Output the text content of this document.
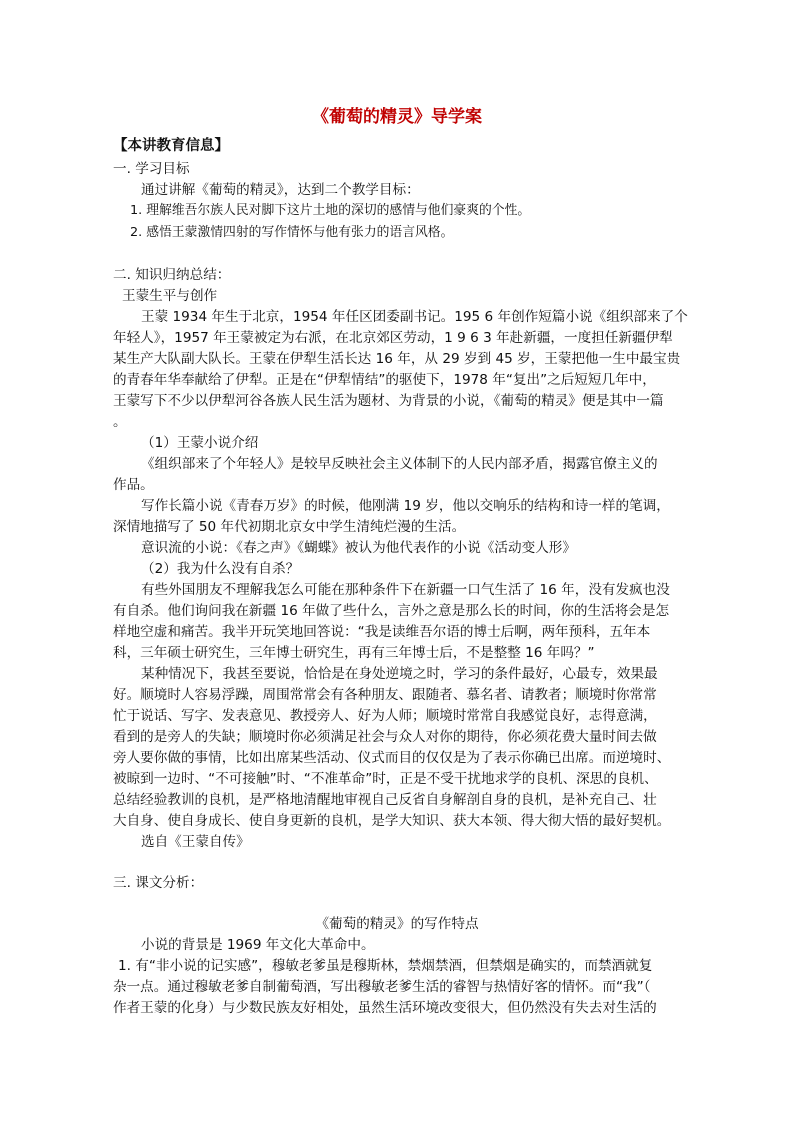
《葡萄的精灵》导学案
【本讲教育信息】
一. 学习目标
通过讲解《葡萄的精灵》，达到二个教学目标：
1. 理解维吾尔族人民对脚下这片土地的深切的感情与他们豪爽的个性。
2. 感悟王蒙激情四射的写作情怀与他有张力的语言风格。
二. 知识归纳总结：
王蒙生平与创作
王蒙 1934 年生于北京，1954 年任区团委副书记。195 6 年创作短篇小说《组织部来了个
年轻人》，1957 年王蒙被定为右派，在北京郊区劳动，1 9 6 3 年赴新疆，一度担任新疆伊犁
某生产大队副大队长。王蒙在伊犁生活长达 16 年，从 29 岁到 45 岁，王蒙把他一生中最宝贵
的青春年华奉献给了伊犁。正是在“伊犁情结”的驱使下，1978 年“复出”之后短短几年中，
王蒙写下不少以伊犁河谷各族人民生活为题材、为背景的小说，《葡萄的精灵》便是其中一篇
。
（1）王蒙小说介绍
《组织部来了个年轻人》是较早反映社会主义体制下的人民内部矛盾，揭露官僚主义的
作品。
写作长篇小说《青春万岁》的时候，他刚满 19 岁，他以交响乐的结构和诗一样的笔调，
深情地描写了 50 年代初期北京女中学生清纯烂漫的生活。
意识流的小说：《春之声》《蝴蝶》被认为他代表作的小说《活动变人形》
（2）我为什么没有自杀？
有些外国朋友不理解我怎么可能在那种条件下在新疆一口气生活了 16 年，没有发疯也没
有自杀。他们询问我在新疆 16 年做了些什么，言外之意是那么长的时间，你的生活将会是怎
样地空虚和痛苦。我半开玩笑地回答说：“我是读维吾尔语的博士后啊，两年预科，五年本
科，三年硕士研究生，三年博士研究生，再有三年博士后，不是整整 16 年吗？”
某种情况下，我甚至要说，恰恰是在身处逆境之时，学习的条件最好，心最专，效果最
好。顺境时人容易浮躁，周围常常会有各种朋友、跟随者、慕名者、请教者；顺境时你常常
忙于说话、写字、发表意见、教授旁人、好为人师；顺境时常常自我感觉良好，志得意满，
看到的是旁人的失缺；顺境时你必须满足社会与众人对你的期待，你必须花费大量时间去做
旁人要你做的事情，比如出席某些活动、仪式而目的仅仅是为了表示你确已出席。而逆境时、
被晾到一边时、“不可接触”时、“不准革命”时，正是不受干扰地求学的良机、深思的良机、
总结经验教训的良机，是严格地清醒地审视自己反省自身解剖自身的良机，是补充自己、壮
大自身、使自身成长、使自身更新的良机，是学大知识、获大本领、得大彻大悟的最好契机。
选自《王蒙自传》
三. 课文分析：
《葡萄的精灵》的写作特点
小说的背景是 1969 年文化大革命中。
1. 有“非小说的记实感”，穆敏老爹虽是穆斯林，禁烟禁酒，但禁烟是确实的，而禁酒就复
杂一点。通过穆敏老爹自制葡萄酒，写出穆敏老爹生活的睿智与热情好客的情怀。而“我”（
作者王蒙的化身）与少数民族友好相处，虽然生活环境改变很大，但仍然没有失去对生活的
